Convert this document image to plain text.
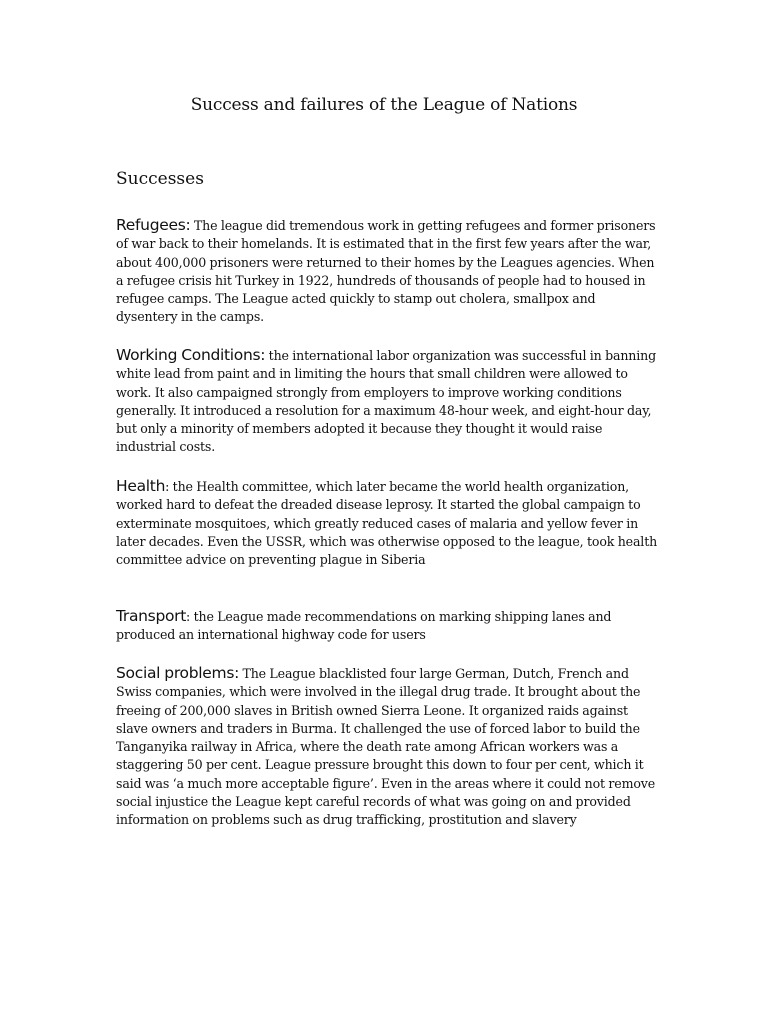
Success and failures of the League of Nations
Successes

Refugees: The league did tremendous work in getting refugees and former prisoners of war back to their homelands. It is estimated that in the first few years after the war, about 400,000 prisoners were returned to their homes by the Leagues agencies. When a refugee crisis hit Turkey in 1922, hundreds of thousands of people had to housed in refugee camps. The League acted quickly to stamp out cholera, smallpox and dysentery in the camps.

Working Conditions: the international labor organization was successful in banning white lead from paint and in limiting the hours that small children were allowed to work. It also campaigned strongly from employers to improve working conditions generally. It introduced a resolution for a maximum 48-hour week, and eight-hour day, but only a minority of members adopted it because they thought it would raise industrial costs.

Health: the Health committee, which later became the world health organization, worked hard to defeat the dreaded disease leprosy. It started the global campaign to exterminate mosquitoes, which greatly reduced cases of malaria and yellow fever in later decades. Even the USSR, which was otherwise opposed to the league, took health committee advice on preventing plague in Siberia

Transport: the League made recommendations on marking shipping lanes and produced an international highway code for users

Social problems: The League blacklisted four large German, Dutch, French and Swiss companies, which were involved in the illegal drug trade. It brought about the freeing of 200,000 slaves in British owned Sierra Leone. It organized raids against slave owners and traders in Burma. It challenged the use of forced labor to build the Tanganyika railway in Africa, where the death rate among African workers was a staggering 50 per cent. League pressure brought this down to four per cent, which it said was ‘a much more acceptable figure’. Even in the areas where it could not remove social injustice the League kept careful records of what was going on and provided information on problems such as drug trafficking, prostitution and slavery
